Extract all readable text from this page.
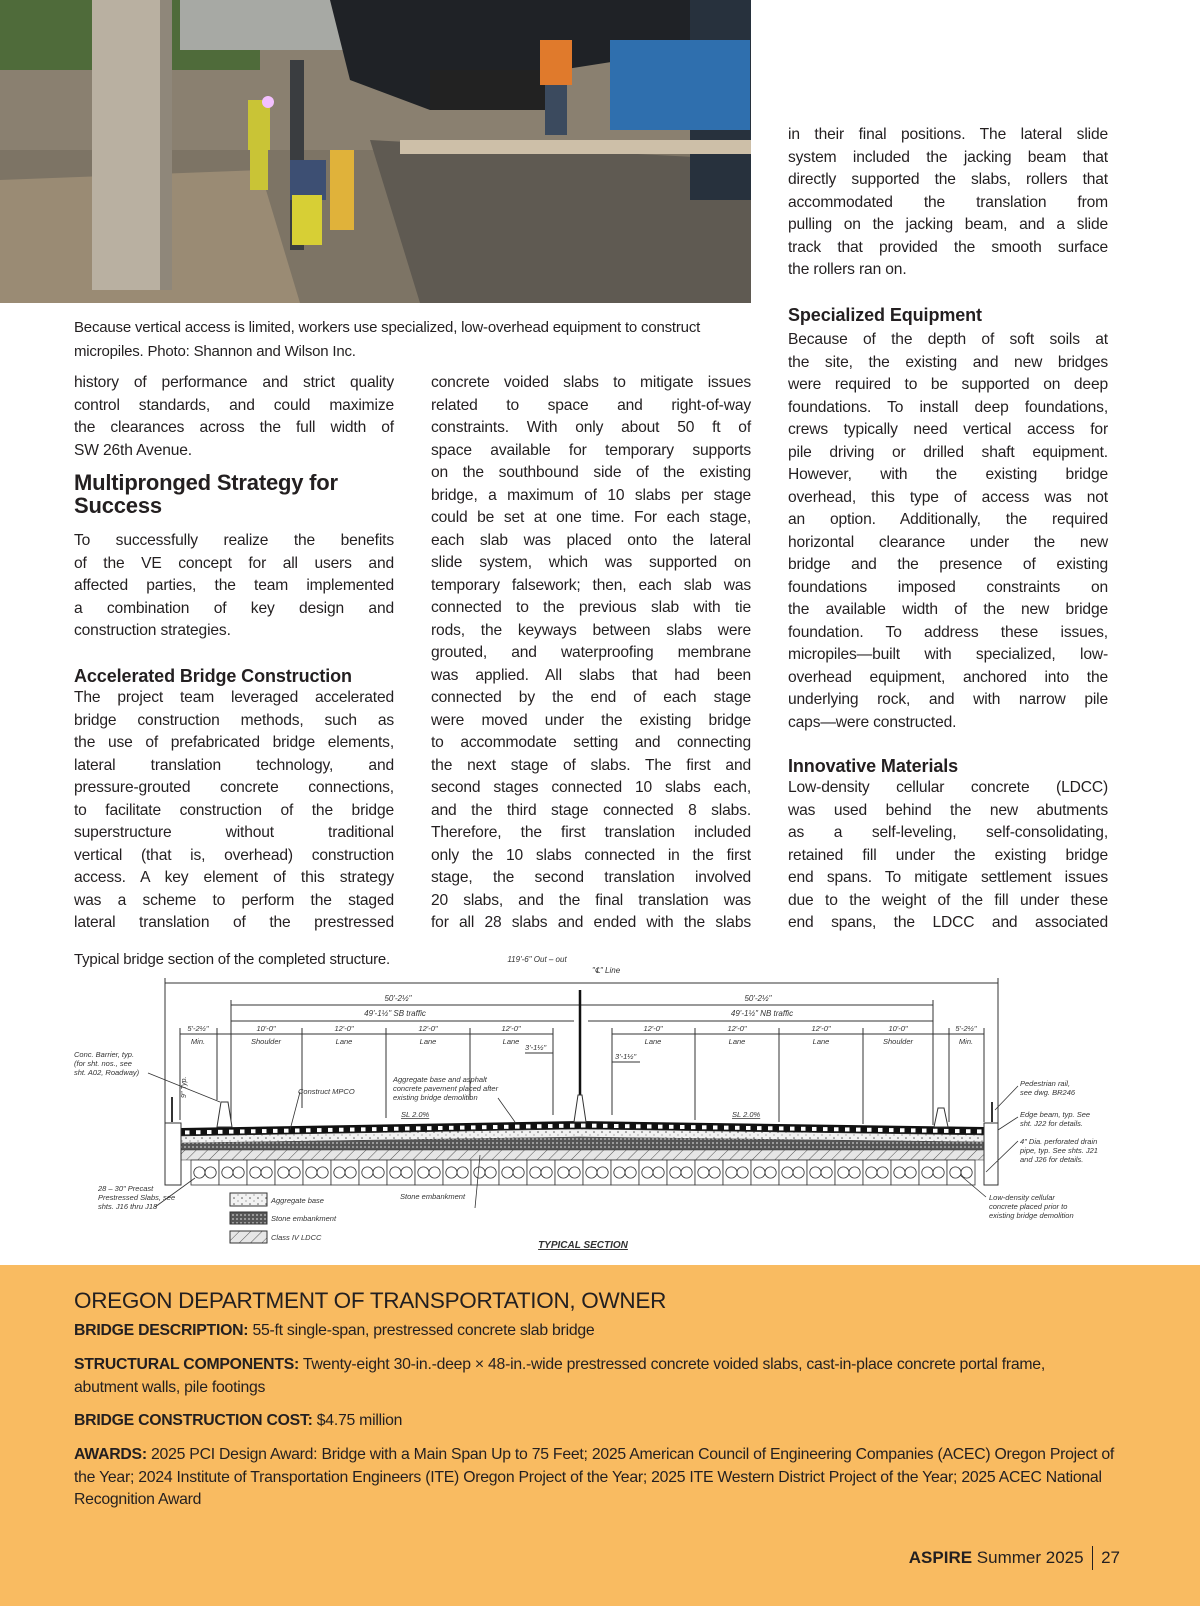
Because vertical access is limited, workers use specialized, low-overhead equipment to construct micropiles. Photo: Shannon and Wilson Inc.
history of performance and strict quality
control standards, and could maximize
the clearances across the full width of
SW 26th Avenue.
Multipronged Strategy for Success
To successfully realize the benefits
of the VE concept for all users and
affected parties, the team implemented
a combination of key design and
construction strategies.
Accelerated Bridge Construction
The project team leveraged accelerated
bridge construction methods, such as
the use of prefabricated bridge elements,
lateral translation technology, and
pressure-grouted concrete connections,
to facilitate construction of the bridge
superstructure without traditional
vertical (that is, overhead) construction
access. A key element of this strategy
was a scheme to perform the staged
lateral translation of the prestressed
concrete voided slabs to mitigate issues
related to space and right-of-way
constraints. With only about 50 ft of
space available for temporary supports
on the southbound side of the existing
bridge, a maximum of 10 slabs per stage
could be set at one time. For each stage,
each slab was placed onto the lateral
slide system, which was supported on
temporary falsework; then, each slab was
connected to the previous slab with tie
rods, the keyways between slabs were
grouted, and waterproofing membrane
was applied. All slabs that had been
connected by the end of each stage
were moved under the existing bridge
to accommodate setting and connecting
the next stage of slabs. The first and
second stages connected 10 slabs each,
and the third stage connected 8 slabs.
Therefore, the first translation included
only the 10 slabs connected in the first
stage, the second translation involved
20 slabs, and the final translation was
for all 28 slabs and ended with the slabs
in their final positions. The lateral slide
system included the jacking beam that
directly supported the slabs, rollers that
accommodated the translation from
pulling on the jacking beam, and a slide
track that provided the smooth surface
the rollers ran on.
Specialized Equipment
Because of the depth of soft soils at
the site, the existing and new bridges
were required to be supported on deep
foundations. To install deep foundations,
crews typically need vertical access for
pile driving or drilled shaft equipment.
However, with the existing bridge
overhead, this type of access was not
an option. Additionally, the required
horizontal clearance under the new
bridge and the presence of existing
foundations imposed constraints on
the available width of the new bridge
foundation. To address these issues,
micropiles—built with specialized, low-
overhead equipment, anchored into the
underlying rock, and with narrow pile
caps—were constructed.
Innovative Materials
Low-density cellular concrete (LDCC)
was used behind the new abutments
as a self-leveling, self-consolidating,
retained fill under the existing bridge
end spans. To mitigate settlement issues
due to the weight of the fill under these
end spans, the LDCC and associated
Typical bridge section of the completed structure.	119'-6" Out – out
"℄" Line
50'-2½"	50'-2½"
49'-1½" SB traffic	49'-1½" NB traffic
5'-2½"
Min.
10'-0"
Shoulder
12'-0"
Lane
12'-0"
Lane
12'-0"
Lane
12'-0"
Lane
12'-0"
Lane
12'-0"
Lane
10'-0"
Shoulder
5'-2½"
Min.
3'-1½"
3'-1½"
SL 2.0%	SL 2.0%
9" Typ.
Conc. Barrier, typ.
(for sht. nos., see
sht. A02, Roadway)
28 – 30" Precast
Prestressed Slabs, see
shts. J16 thru J18
Aggregate base and asphalt
concrete pavement placed after
existing bridge demolition
Construct MPCO
Stone embankment
Pedestrian rail,
see dwg. BR246
Edge beam, typ. See
sht. J22 for details.
4" Dia. perforated drain
pipe, typ. See shts. J21
and J26 for details.
Low-density cellular
concrete placed prior to
existing bridge demolition
Aggregate base
Stone embankment
Class IV LDCC
TYPICAL SECTION
OREGON DEPARTMENT OF TRANSPORTATION, OWNER
BRIDGE DESCRIPTION: 55-ft single-span, prestressed concrete slab bridge
STRUCTURAL COMPONENTS: Twenty-eight 30-in.-deep × 48-in.-wide prestressed concrete voided slabs, cast-in-place concrete portal frame, abutment walls, pile footings
BRIDGE CONSTRUCTION COST: $4.75 million
AWARDS: 2025 PCI Design Award: Bridge with a Main Span Up to 75 Feet; 2025 American Council of Engineering Companies (ACEC) Oregon Project of the Year; 2024 Institute of Transportation Engineers (ITE) Oregon Project of the Year; 2025 ITE Western District Project of the Year; 2025 ACEC National Recognition Award
ASPIRE
Summer 2025 27
